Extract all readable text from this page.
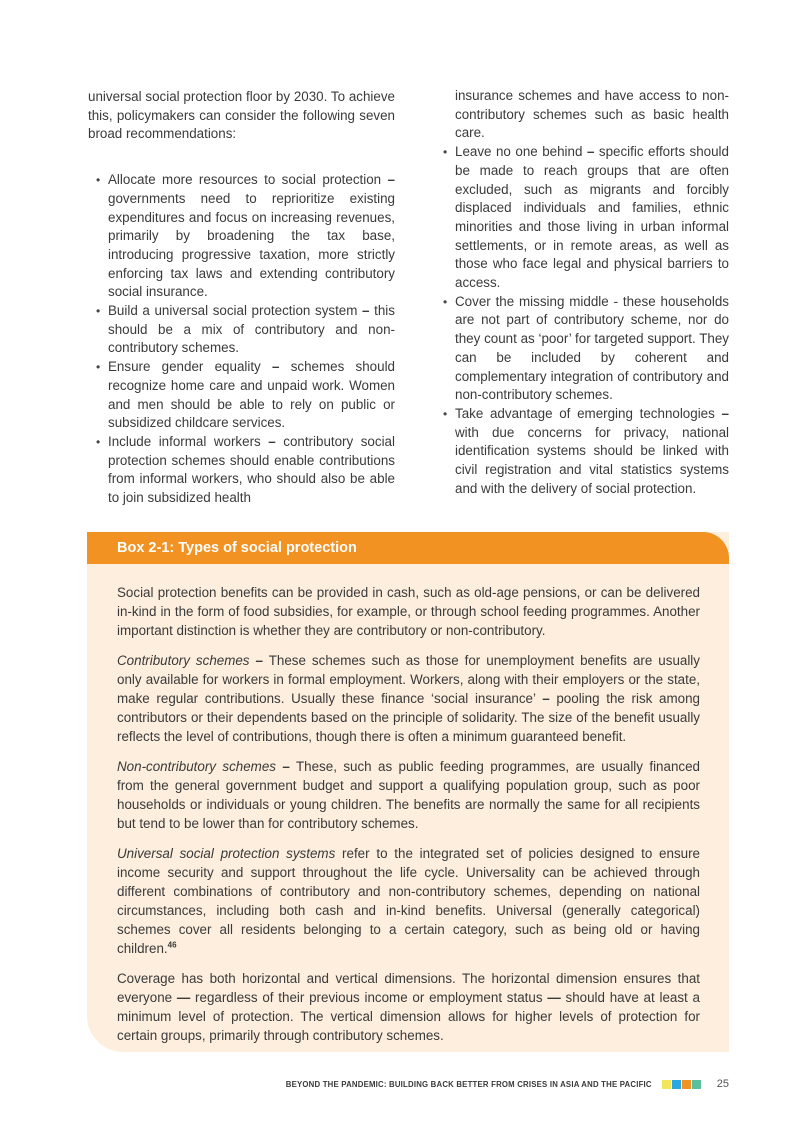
universal social protection floor by 2030. To achieve this, policymakers can consider the following seven broad recommendations:

• Allocate more resources to social protection – governments need to reprioritize existing expenditures and focus on increasing revenues, primarily by broadening the tax base, introducing progressive taxation, more strictly enforcing tax laws and extending contributory social insurance.
• Build a universal social protection system – this should be a mix of contributory and non-contributory schemes.
• Ensure gender equality – schemes should recognize home care and unpaid work. Women and men should be able to rely on public or subsidized childcare services.
• Include informal workers – contributory social protection schemes should enable contributions from informal workers, who should also be able to join subsidized health
insurance schemes and have access to non-contributory schemes such as basic health care.
• Leave no one behind – specific efforts should be made to reach groups that are often excluded, such as migrants and forcibly displaced individuals and families, ethnic minorities and those living in urban informal settlements, or in remote areas, as well as those who face legal and physical barriers to access.
• Cover the missing middle - these households are not part of contributory scheme, nor do they count as ‘poor’ for targeted support. They can be included by coherent and complementary integration of contributory and non-contributory schemes.
• Take advantage of emerging technologies – with due concerns for privacy, national identification systems should be linked with civil registration and vital statistics systems and with the delivery of social protection.
Box 2-1: Types of social protection

Social protection benefits can be provided in cash, such as old-age pensions, or can be delivered in-kind in the form of food subsidies, for example, or through school feeding programmes. Another important distinction is whether they are contributory or non-contributory.

Contributory schemes – These schemes such as those for unemployment benefits are usually only available for workers in formal employment. Workers, along with their employers or the state, make regular contributions. Usually these finance ‘social insurance’ – pooling the risk among contributors or their dependents based on the principle of solidarity. The size of the benefit usually reflects the level of contributions, though there is often a minimum guaranteed benefit.

Non-contributory schemes – These, such as public feeding programmes, are usually financed from the general government budget and support a qualifying population group, such as poor households or individuals or young children. The benefits are normally the same for all recipients but tend to be lower than for contributory schemes.

Universal social protection systems refer to the integrated set of policies designed to ensure income security and support throughout the life cycle. Universality can be achieved through different combinations of contributory and non-contributory schemes, depending on national circumstances, including both cash and in-kind benefits. Universal (generally categorical) schemes cover all residents belonging to a certain category, such as being old or having children.$^{46}$

Coverage has both horizontal and vertical dimensions. The horizontal dimension ensures that everyone — regardless of their previous income or employment status — should have at least a minimum level of protection. The vertical dimension allows for higher levels of protection for certain groups, primarily through contributory schemes.

BEYOND THE PANDEMIC: BUILDING BACK BETTER FROM CRISES IN ASIA AND THE PACIFIC	25
